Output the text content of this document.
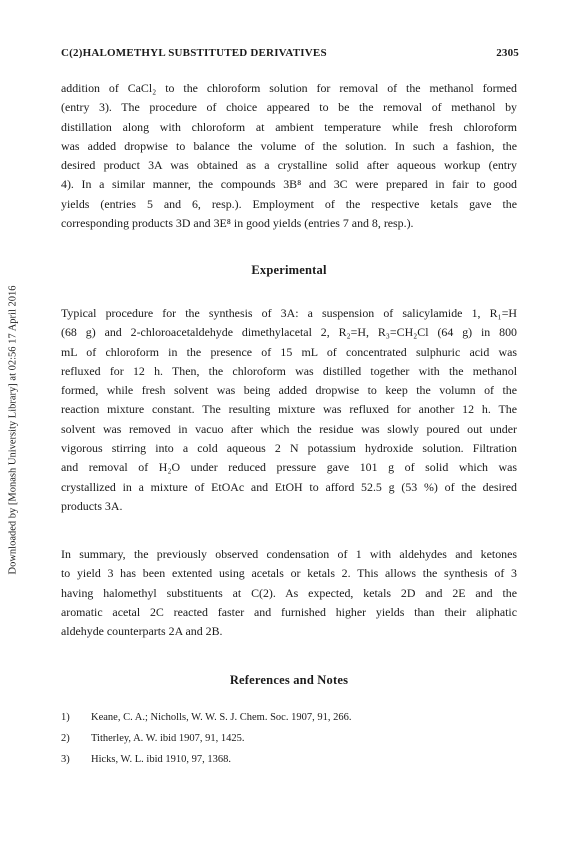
Downloaded by [Monash University Library] at 02:56 17 April 2016
C(2)HALOMETHYL SUBSTITUTED DERIVATIVES	2305
addition of CaCl₂ to the chloroform solution for removal of the methanol formed
(entry 3). The procedure of choice appeared to be the removal of methanol by
distillation along with chloroform at ambient temperature while fresh chloroform
was added dropwise to balance the volume of the solution. In such a fashion, the
desired product 3A was obtained as a crystalline solid after aqueous workup (entry
4). In a similar manner, the compounds 3B⁸ and 3C were prepared in fair to good
yields (entries 5 and 6, resp.). Employment of the respective ketals gave the
corresponding products 3D and 3E⁸ in good yields (entries 7 and 8, resp.).
Experimental
Typical procedure for the synthesis of 3A: a suspension of salicylamide 1, R₁=H
(68 g) and 2-chloroacetaldehyde dimethylacetal 2, R₂=H, R₃=CH₂Cl (64 g) in 800
mL of chloroform in the presence of 15 mL of concentrated sulphuric acid was
refluxed for 12 h. Then, the chloroform was distilled together with the methanol
formed, while fresh solvent was being added dropwise to keep the volumn of the
reaction mixture constant. The resulting mixture was refluxed for another 12 h. The
solvent was removed in vacuo after which the residue was slowly poured out under
vigorous stirring into a cold aqueous 2 N potassium hydroxide solution. Filtration
and removal of H₂O under reduced pressure gave 101 g of solid which was
crystallized in a mixture of EtOAc and EtOH to afford 52.5 g (53 %) of the desired
products 3A.
In summary, the previously observed condensation of 1 with aldehydes and ketones
to yield 3 has been extented using acetals or ketals 2. This allows the synthesis of 3
having halomethyl substituents at C(2). As expected, ketals 2D and 2E and the
aromatic acetal 2C reacted faster and furnished higher yields than their aliphatic
aldehyde counterparts 2A and 2B.
References and Notes
1) Keane, C. A.; Nicholls, W. W. S. J. Chem. Soc. 1907, 91, 266.
2) Titherley, A. W. ibid 1907, 91, 1425.
3) Hicks, W. L. ibid 1910, 97, 1368.
